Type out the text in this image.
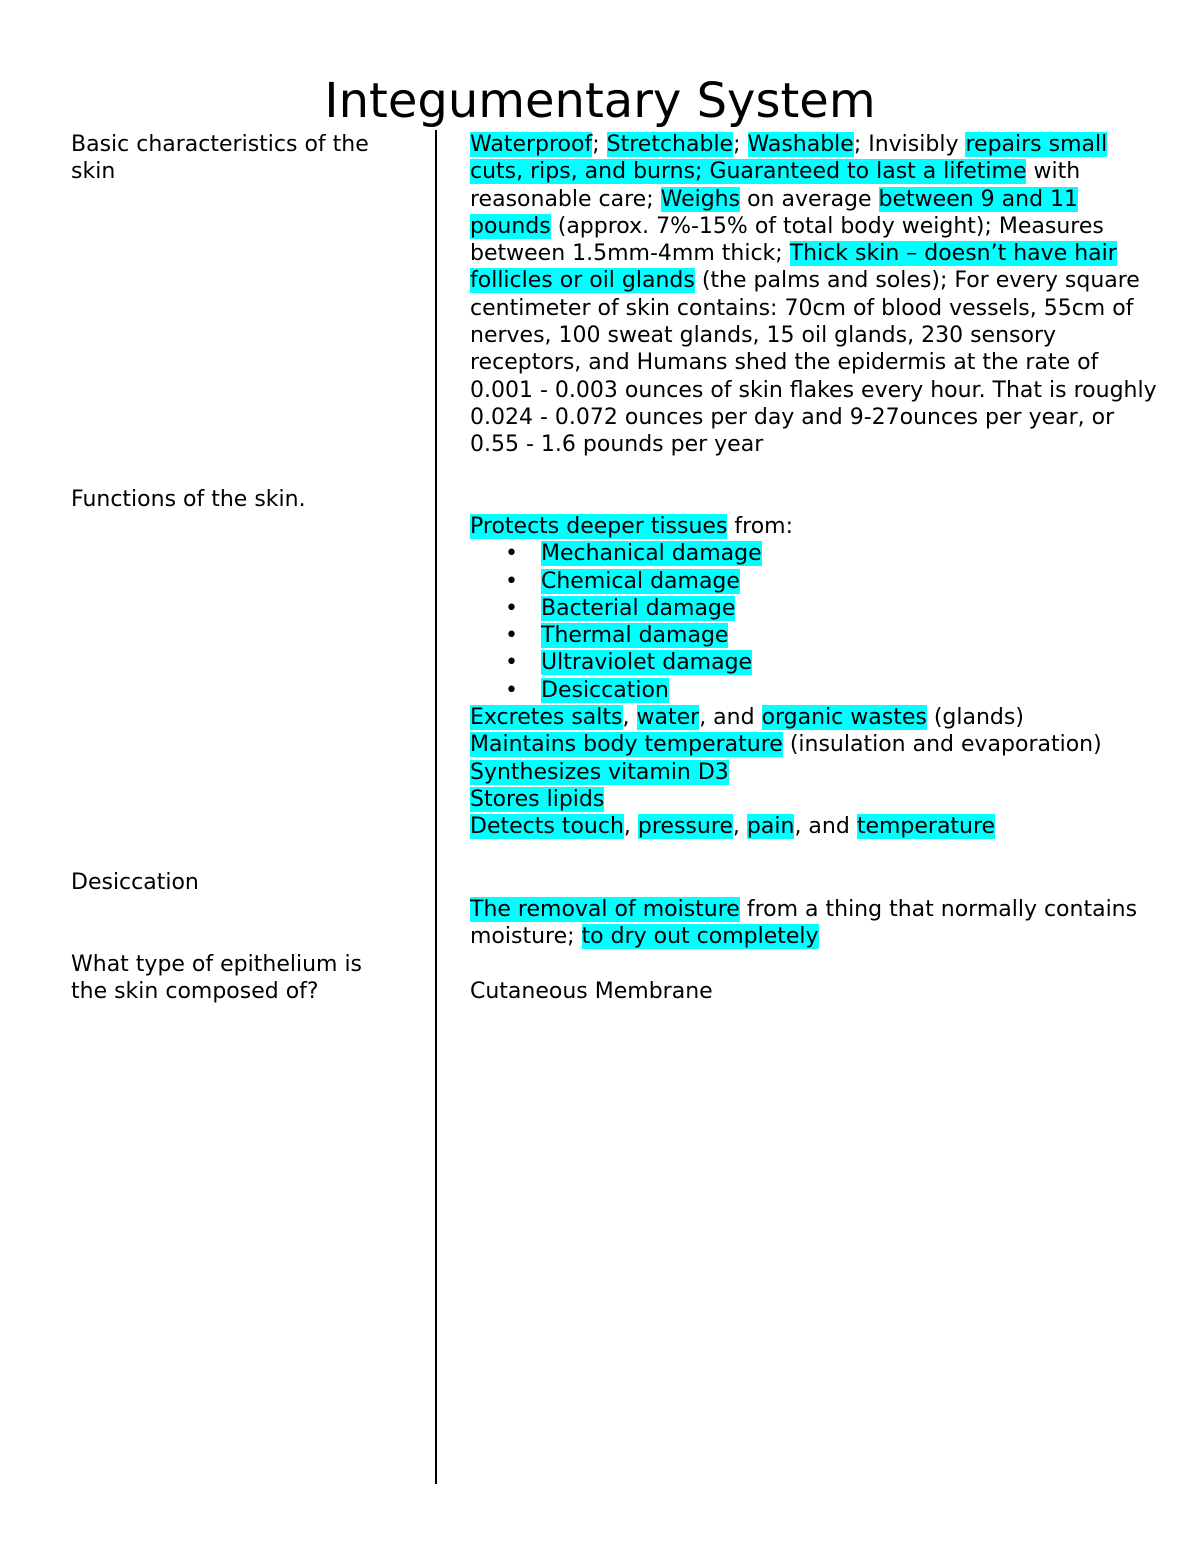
Integumentary System
Basic characteristics of the skin
Waterproof; Stretchable; Washable; Invisibly repairs small cuts, rips, and burns; Guaranteed to last a lifetime with reasonable care; Weighs on average between 9 and 11 pounds (approx. 7%-15% of total body weight); Measures between 1.5mm-4mm thick; Thick skin – doesn’t have hair follicles or oil glands (the palms and soles); For every square centimeter of skin contains: 70cm of blood vessels, 55cm of nerves, 100 sweat glands, 15 oil glands, 230 sensory receptors, and Humans shed the epidermis at the rate of 0.001 - 0.003 ounces of skin flakes every hour. That is roughly 0.024 - 0.072 ounces per day and 9-27ounces per year, or 0.55 - 1.6 pounds per year
Functions of the skin.
Protects deeper tissues from:
• Mechanical damage
• Chemical damage
• Bacterial damage
• Thermal damage
• Ultraviolet damage
• Desiccation
Excretes salts, water, and organic wastes (glands)
Maintains body temperature (insulation and evaporation)
Synthesizes vitamin D3
Stores lipids
Detects touch, pressure, pain, and temperature
Desiccation
The removal of moisture from a thing that normally contains moisture; to dry out completely
What type of epithelium is the skin composed of?	Cutaneous Membrane
